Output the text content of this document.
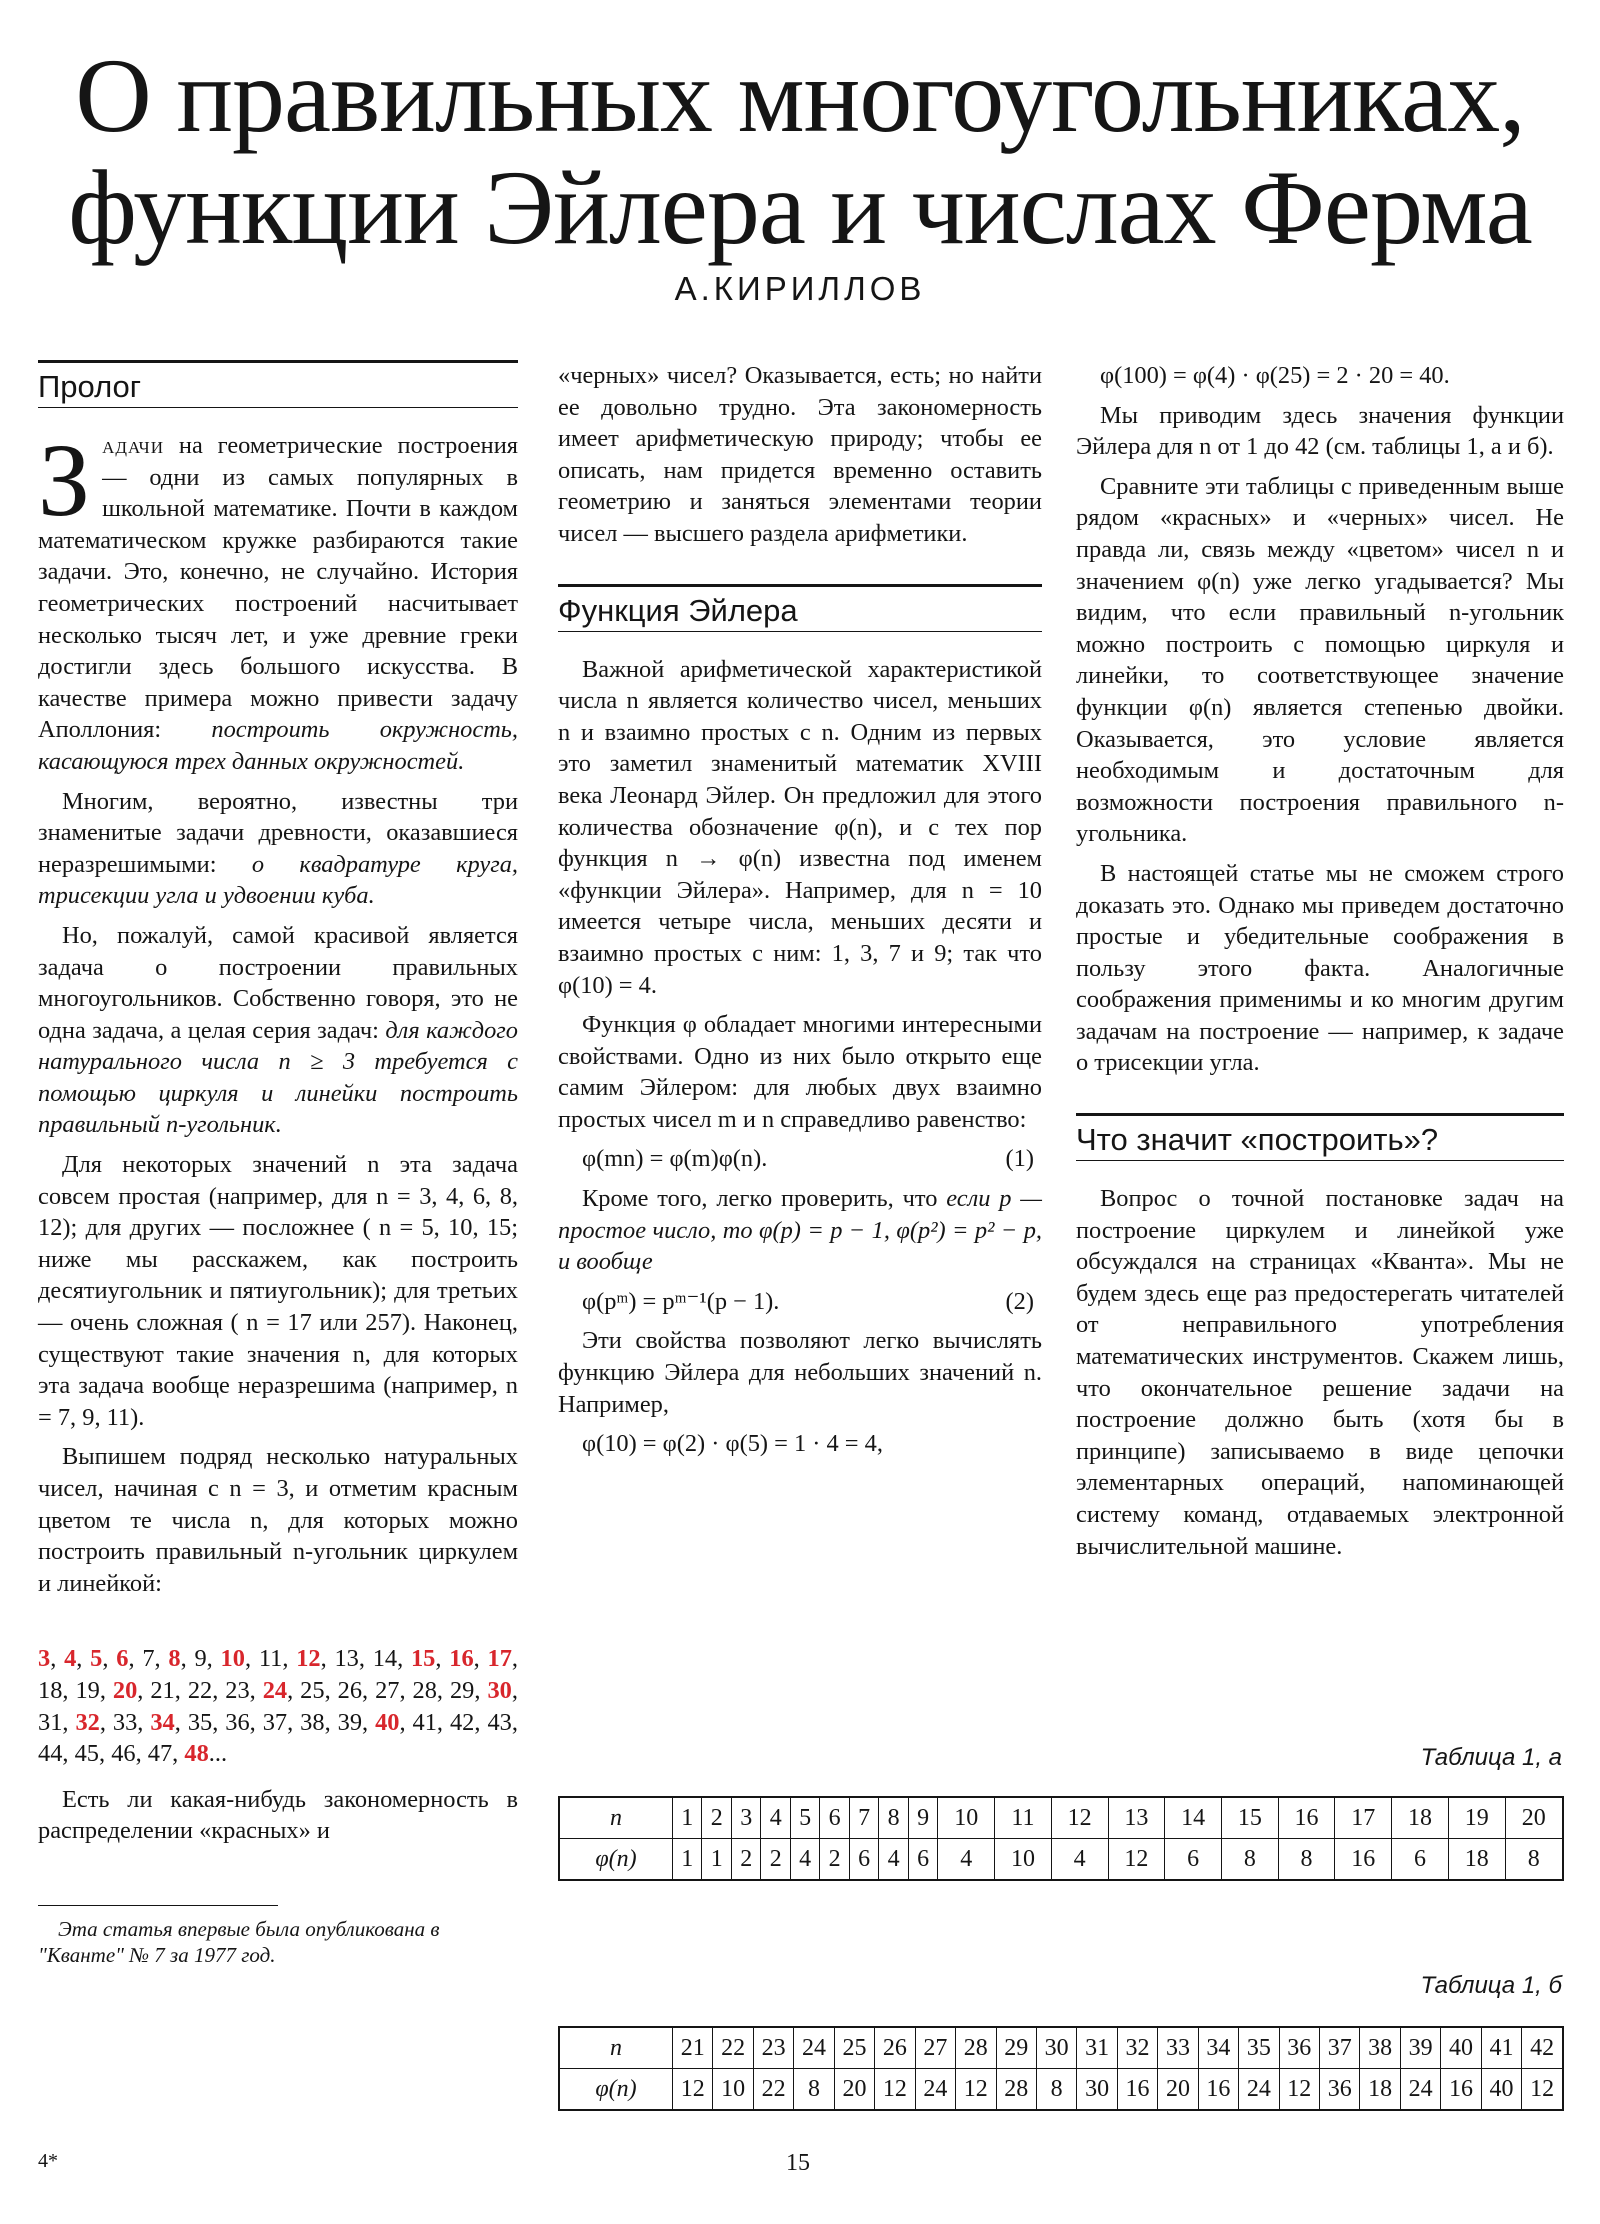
О правильных многоугольниках,
функции Эйлера и числах Ферма
А.КИРИЛЛОВ
Пролог

Задачи на геометрические построения — одни из самых популярных в школьной математике. Почти в каждом математическом кружке разбираются такие задачи. Это, конечно, не случайно. История геометрических построений насчитывает несколько тысяч лет, и уже древние греки достигли здесь большого искусства. В качестве примера можно привести задачу Аполлония: построить окружность, касающуюся трех данных окружностей.

Многим, вероятно, известны три знаменитые задачи древности, оказавшиеся неразрешимыми: о квадратуре круга, трисекции угла и удвоении куба.

Но, пожалуй, самой красивой является задача о построении правильных многоугольников. Собственно говоря, это не одна задача, а целая серия задач: для каждого натурального числа n ≥ 3 требуется с помощью циркуля и линейки построить правильный n-угольник.

Для некоторых значений n эта задача совсем простая (например, для n = 3, 4, 6, 8, 12); для других — посложнее ( n = 5, 10, 15; ниже мы расскажем, как построить десятиугольник и пятиугольник); для третьих — очень сложная ( n = 17 или 257). Наконец, существуют такие значения n, для которых эта задача вообще неразрешима (например, n = 7, 9, 11).

Выпишем подряд несколько натуральных чисел, начиная с n = 3, и отметим красным цветом те числа n, для которых можно построить правильный n-угольник циркулем и линейкой:

3, 4, 5, 6, 7, 8, 9, 10, 11, 12, 13, 14, 15, 16, 17, 18, 19, 20, 21, 22, 23, 24, 25, 26, 27, 28, 29, 30, 31, 32, 33, 34, 35, 36, 37, 38, 39, 40, 41, 42, 43, 44, 45, 46, 47, 48...

Есть ли какая-нибудь закономерность в распределении «красных» и

Эта статья впервые была опубликована в "Кванте" № 7 за 1977 год.

«черных» чисел? Оказывается, есть; но найти ее довольно трудно. Эта закономерность имеет арифметическую природу; чтобы ее описать, нам придется временно оставить геометрию и заняться элементами теории чисел — высшего раздела арифметики.

Функция Эйлера

Важной арифметической характеристикой числа n является количество чисел, меньших n и взаимно простых с n. Одним из первых это заметил знаменитый математик XVIII века Леонард Эйлер. Он предложил для этого количества обозначение φ(n), и с тех пор функция n → φ(n) известна под именем «функции Эйлера». Например, для n = 10 имеется четыре числа, меньших десяти и взаимно простых с ним: 1, 3, 7 и 9; так что φ(10) = 4.

Функция φ обладает многими интересными свойствами. Одно из них было открыто еще самим Эйлером: для любых двух взаимно простых чисел m и n справедливо равенство:

φ(mn) = φ(m)φ(n).	(1)

Кроме того, легко проверить, что если p — простое число, то φ(p) = p − 1, φ(p²) = p² − p, и вообще

φ(pᵐ) = pᵐ⁻¹(p − 1).	(2)

Эти свойства позволяют легко вычислять функцию Эйлера для небольших значений n. Например,

φ(10) = φ(2) · φ(5) = 1 · 4 = 4,

φ(100) = φ(4) · φ(25) = 2 · 20 = 40.

Мы приводим здесь значения функции Эйлера для n от 1 до 42 (см. таблицы 1, а и б).

Сравните эти таблицы с приведенным выше рядом «красных» и «черных» чисел. Не правда ли, связь между «цветом» чисел n и значением φ(n) уже легко угадывается? Мы видим, что если правильный n-угольник можно построить с помощью циркуля и линейки, то соответствующее значение функции φ(n) является степенью двойки. Оказывается, это условие является необходимым и достаточным для возможности построения правильного n-угольника.

В настоящей статье мы не сможем строго доказать это. Однако мы приведем достаточно простые и убедительные соображения в пользу этого факта. Аналогичные соображения применимы и ко многим другим задачам на построение — например, к задаче о трисекции угла.

Что значит «построить»?

Вопрос о точной постановке задач на построение циркулем и линейкой уже обсуждался на страницах «Кванта». Мы не будем здесь еще раз предостерегать читателей от неправильного употребления математических инструментов. Скажем лишь, что окончательное решение задачи на построение должно быть (хотя бы в принципе) записываемо в виде цепочки элементарных операций, напоминающей систему команд, отдаваемых электронной вычислительной машине.

Таблица 1, а
n	1	2	3	4	5	6	7	8	9	10	11	12	13	14	15	16	17	18	19	20
φ(n)	1	1	2	2	4	2	6	4	6	4	10	4	12	6	8	8	16	6	18	8
Таблица 1, б
n	21	22	23	24	25	26	27	28	29	30	31	32	33	34	35	36	37	38	39	40	41	42
φ(n)	12	10	22	8	20	12	24	12	28	8	30	16	20	16	24	12	36	18	24	16	40	12
4*	15
